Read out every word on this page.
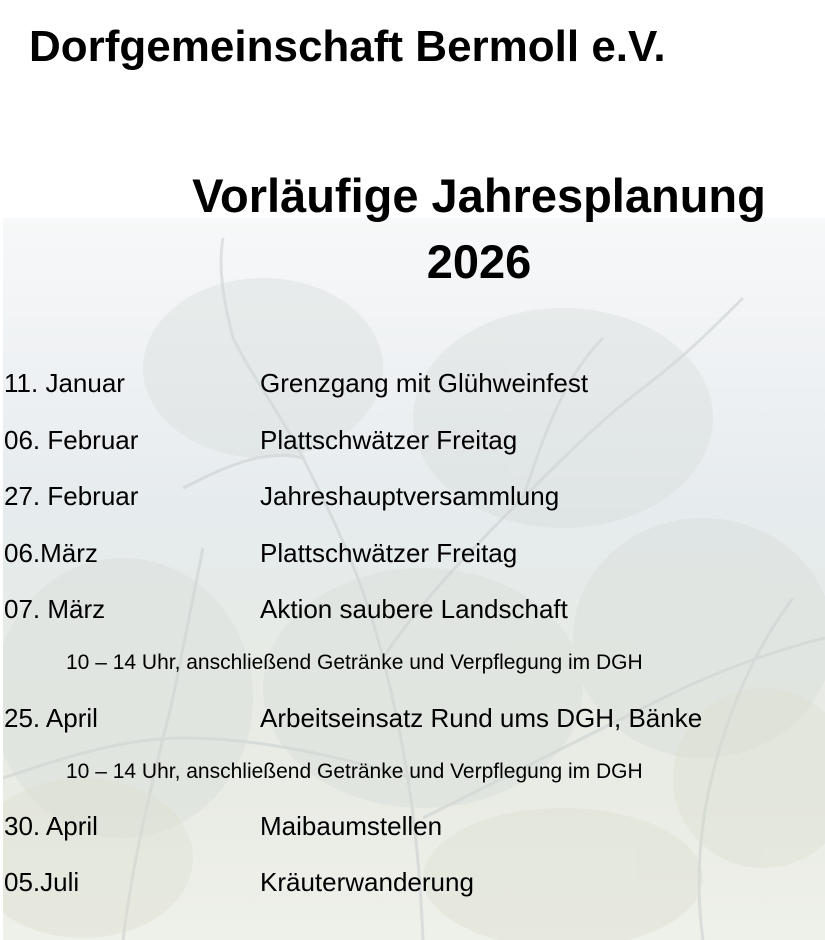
Dorfgemeinschaft Bermoll e.V.
Vorläufige Jahresplanung
2026
11. Januar	Grenzgang mit Glühweinfest
06. Februar	Plattschwätzer Freitag
27. Februar	Jahreshauptversammlung
06.März	Plattschwätzer Freitag
07. März	Aktion saubere Landschaft
10 – 14 Uhr, anschließend Getränke und Verpflegung im DGH
25. April	Arbeitseinsatz Rund ums DGH, Bänke
10 – 14 Uhr, anschließend Getränke und Verpflegung im DGH
30. April	Maibaumstellen
05.Juli	Kräuterwanderung
